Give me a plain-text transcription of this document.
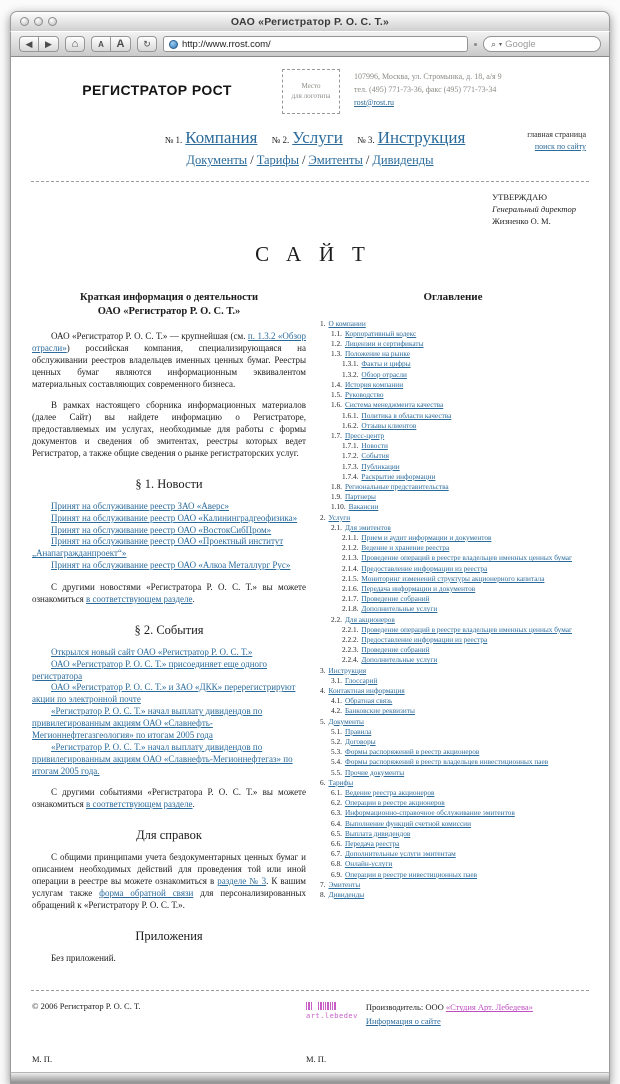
ОАО «Регистратор Р. О. С. Т.»
◀ ▶ ⌂ A A ↻	http://www.rrost.com/	⌕ ▾ Google
РЕГИСТРАТОР РОСТ	Место
для логотипа
107996, Москва, ул. Стромынка, д. 18, а/я 9
тел. (495) 771-73-36, факс (495) 771-73-34
rost@rost.ru
№ 1. Компания № 2. Услуги № 3. Инструкция
Документы / Тарифы / Эмитенты / Дивиденды
главная страница
поиск по сайту
УТВЕРЖДАЮ
Генеральный директор
Жизненко О. М.
САЙТ
Краткая информация о деятельности
ОАО «Регистратор Р. О. С. Т.»

ОАО «Регистратор Р. О. С. Т.» — крупнейшая (см. п. 1.3.2 «Обзор отрасли») российская компания, специализирующаяся на обслуживании реестров владельцев именных ценных бумаг. Реестры ценных бумаг являются информационным эквивалентом материальных составляющих современного бизнеса.

В рамках настоящего сборника информационных материалов (далее Сайт) вы найдете информацию о Регистраторе, предоставляемых им услугах, необходимые для работы с формы документов и сведения об эмитентах, реестры которых ведет Регистратор, а также общие сведения о рынке регистраторских услуг.

§ 1. Новости

Принят на обслуживание реестр ЗАО «Аверс»

Принят на обслуживание реестр ОАО «Калининградгеофизика»

Принят на обслуживание реестр ОАО «ВостокСибПром»

Принят на обслуживание реестр ОАО «Проектный институт „Анапагражданпроект“»

Принят на обслуживание реестр ОАО «Алкоа Металлург Рус»

С другими новостями «Регистратора Р. О. С. Т.» вы можете ознакомиться в соответствующем разделе.

§ 2. События

Открылся новый сайт ОАО «Регистратор Р. О. С. Т.»

ОАО «Регистратор Р. О. С. Т.» присоединяет еще одного регистратора

ОАО «Регистратор Р. О. С. Т.» и ЗАО «ДКК» перерегистрируют акции по электронной почте

«Регистратор Р. О. С. Т.» начал выплату дивидендов по привилегированным акциям ОАО «Славнефть-Мегионнефтегазгеология» по итогам 2005 года

«Регистратор Р. О. С. Т.» начал выплату дивидендов по привилегированным акциям ОАО «Славнефть-Мегионнефтегаз» по итогам 2005 года.

С другими событиями «Регистратора Р. О. С. Т.» вы можете ознакомиться в соответствующем разделе.

Для справок

С общими принципами учета бездокументарных ценных бумаг и описанием необходимых действий для проведения той или иной операции в реестре вы можете ознакомиться в разделе № 3. К вашим услугам также форма обратной связи для персонализированных обращений к «Регистратору Р. О. С. Т.».

Приложения

Без приложений.

Оглавление
1. О компании
1.1. Корпоративный кодекс
1.2. Лицензии и сертификаты
1.3. Положение на рынке
1.3.1. Факты и цифры
1.3.2. Обзор отрасли
1.4. История компании
1.5. Руководство
1.6. Система менеджмента качества
1.6.1. Политика в области качества
1.6.2. Отзывы клиентов
1.7. Пресс-центр
1.7.1. Новости
1.7.2. События
1.7.3. Публикации
1.7.4. Раскрытие информации
1.8. Региональные представительства
1.9. Партнеры
1.10. Вакансии
2. Услуги
2.1. Для эмитентов
2.1.1. Прием и аудит информации и документов
2.1.2. Ведение и хранение реестра
2.1.3. Проведение операций в реестре владельцев именных ценных бумаг
2.1.4. Предоставление информации из реестра
2.1.5. Мониторинг изменений структуры акционерного капитала
2.1.6. Передача информации и документов
2.1.7. Проведение собраний
2.1.8. Дополнительные услуги
2.2. Для акционеров
2.2.1. Проведение операций в реестре владельцев именных ценных бумаг
2.2.2. Предоставление информации из реестра
2.2.3. Проведение собраний
2.2.4. Дополнительные услуги
3. Инструкция
3.1. Глоссарий
4. Контактная информация
4.1. Обратная связь
4.2. Банковские реквизиты
5. Документы
5.1. Правила
5.2. Договоры
5.3. Формы распоряжений в реестр акционеров
5.4. Формы распоряжений в реестр владельцев инвестиционных паев
5.5. Прочие документы
6. Тарифы
6.1. Ведение реестра акционеров
6.2. Операции в реестре акционеров
6.3. Информационно-справочное обслуживание эмитентов
6.4. Выполнение функций счетной комиссии
6.5. Выплата дивидендов
6.6. Передача реестра
6.7. Дополнительные услуги эмитентам
6.8. Онлайн-услуги
6.9. Операции в реестре инвестиционных паев
7. Эмитенты
8. Дивиденды
© 2006 Регистратор Р. О. С. Т.
art.lebedev
Производитель: ООО «Студия Арт. Лебедева»
Информация о сайте
М. П.	М. П.
